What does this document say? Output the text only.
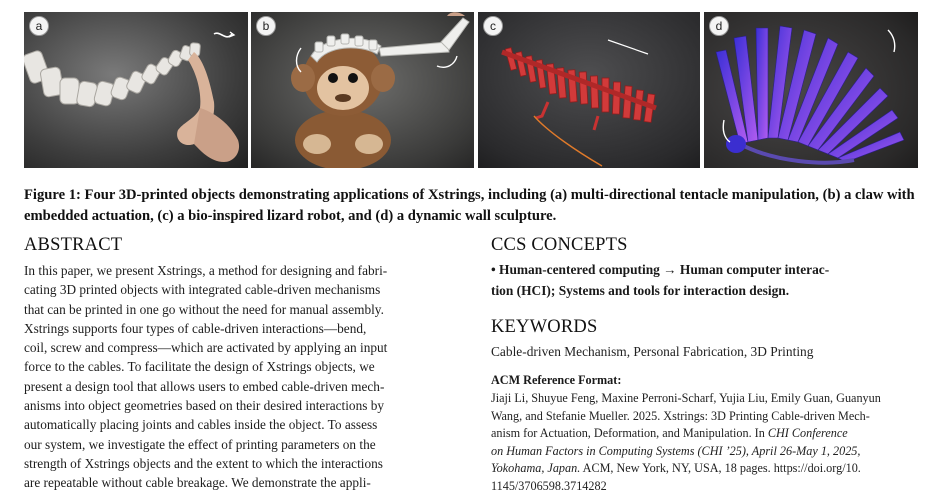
a	b	c	d
Figure 1: Four 3D-printed objects demonstrating applications of Xstrings, including (a) multi-directional tentacle manipulation, (b) a claw with embedded actuation, (c) a bio-inspired lizard robot, and (d) a dynamic wall sculpture.
ABSTRACT
In this paper, we present Xstrings, a method for designing and fabri-
cating 3D printed objects with integrated cable-driven mechanisms
that can be printed in one go without the need for manual assembly.
Xstrings supports four types of cable-driven interactions—bend,
coil, screw and compress—which are activated by applying an input
force to the cables. To facilitate the design of Xstrings objects, we
present a design tool that allows users to embed cable-driven mech-
anisms into object geometries based on their desired interactions by
automatically placing joints and cables inside the object. To assess
our system, we investigate the effect of printing parameters on the
strength of Xstrings objects and the extent to which the interactions
are repeatable without cable breakage. We demonstrate the appli-
CCS CONCEPTS
• Human-centered computing → Human computer interac-
tion (HCI); Systems and tools for interaction design.
KEYWORDS
Cable-driven Mechanism, Personal Fabrication, 3D Printing
ACM Reference Format:
Jiaji Li, Shuyue Feng, Maxine Perroni-Scharf, Yujia Liu, Emily Guan, Guanyun
Wang, and Stefanie Mueller. 2025. Xstrings: 3D Printing Cable-driven Mech-
anism for Actuation, Deformation, and Manipulation. In CHI Conference
on Human Factors in Computing Systems (CHI ’25), April 26-May 1, 2025,
Yokohama, Japan. ACM, New York, NY, USA, 18 pages. https://doi.org/10.
1145/3706598.3714282
